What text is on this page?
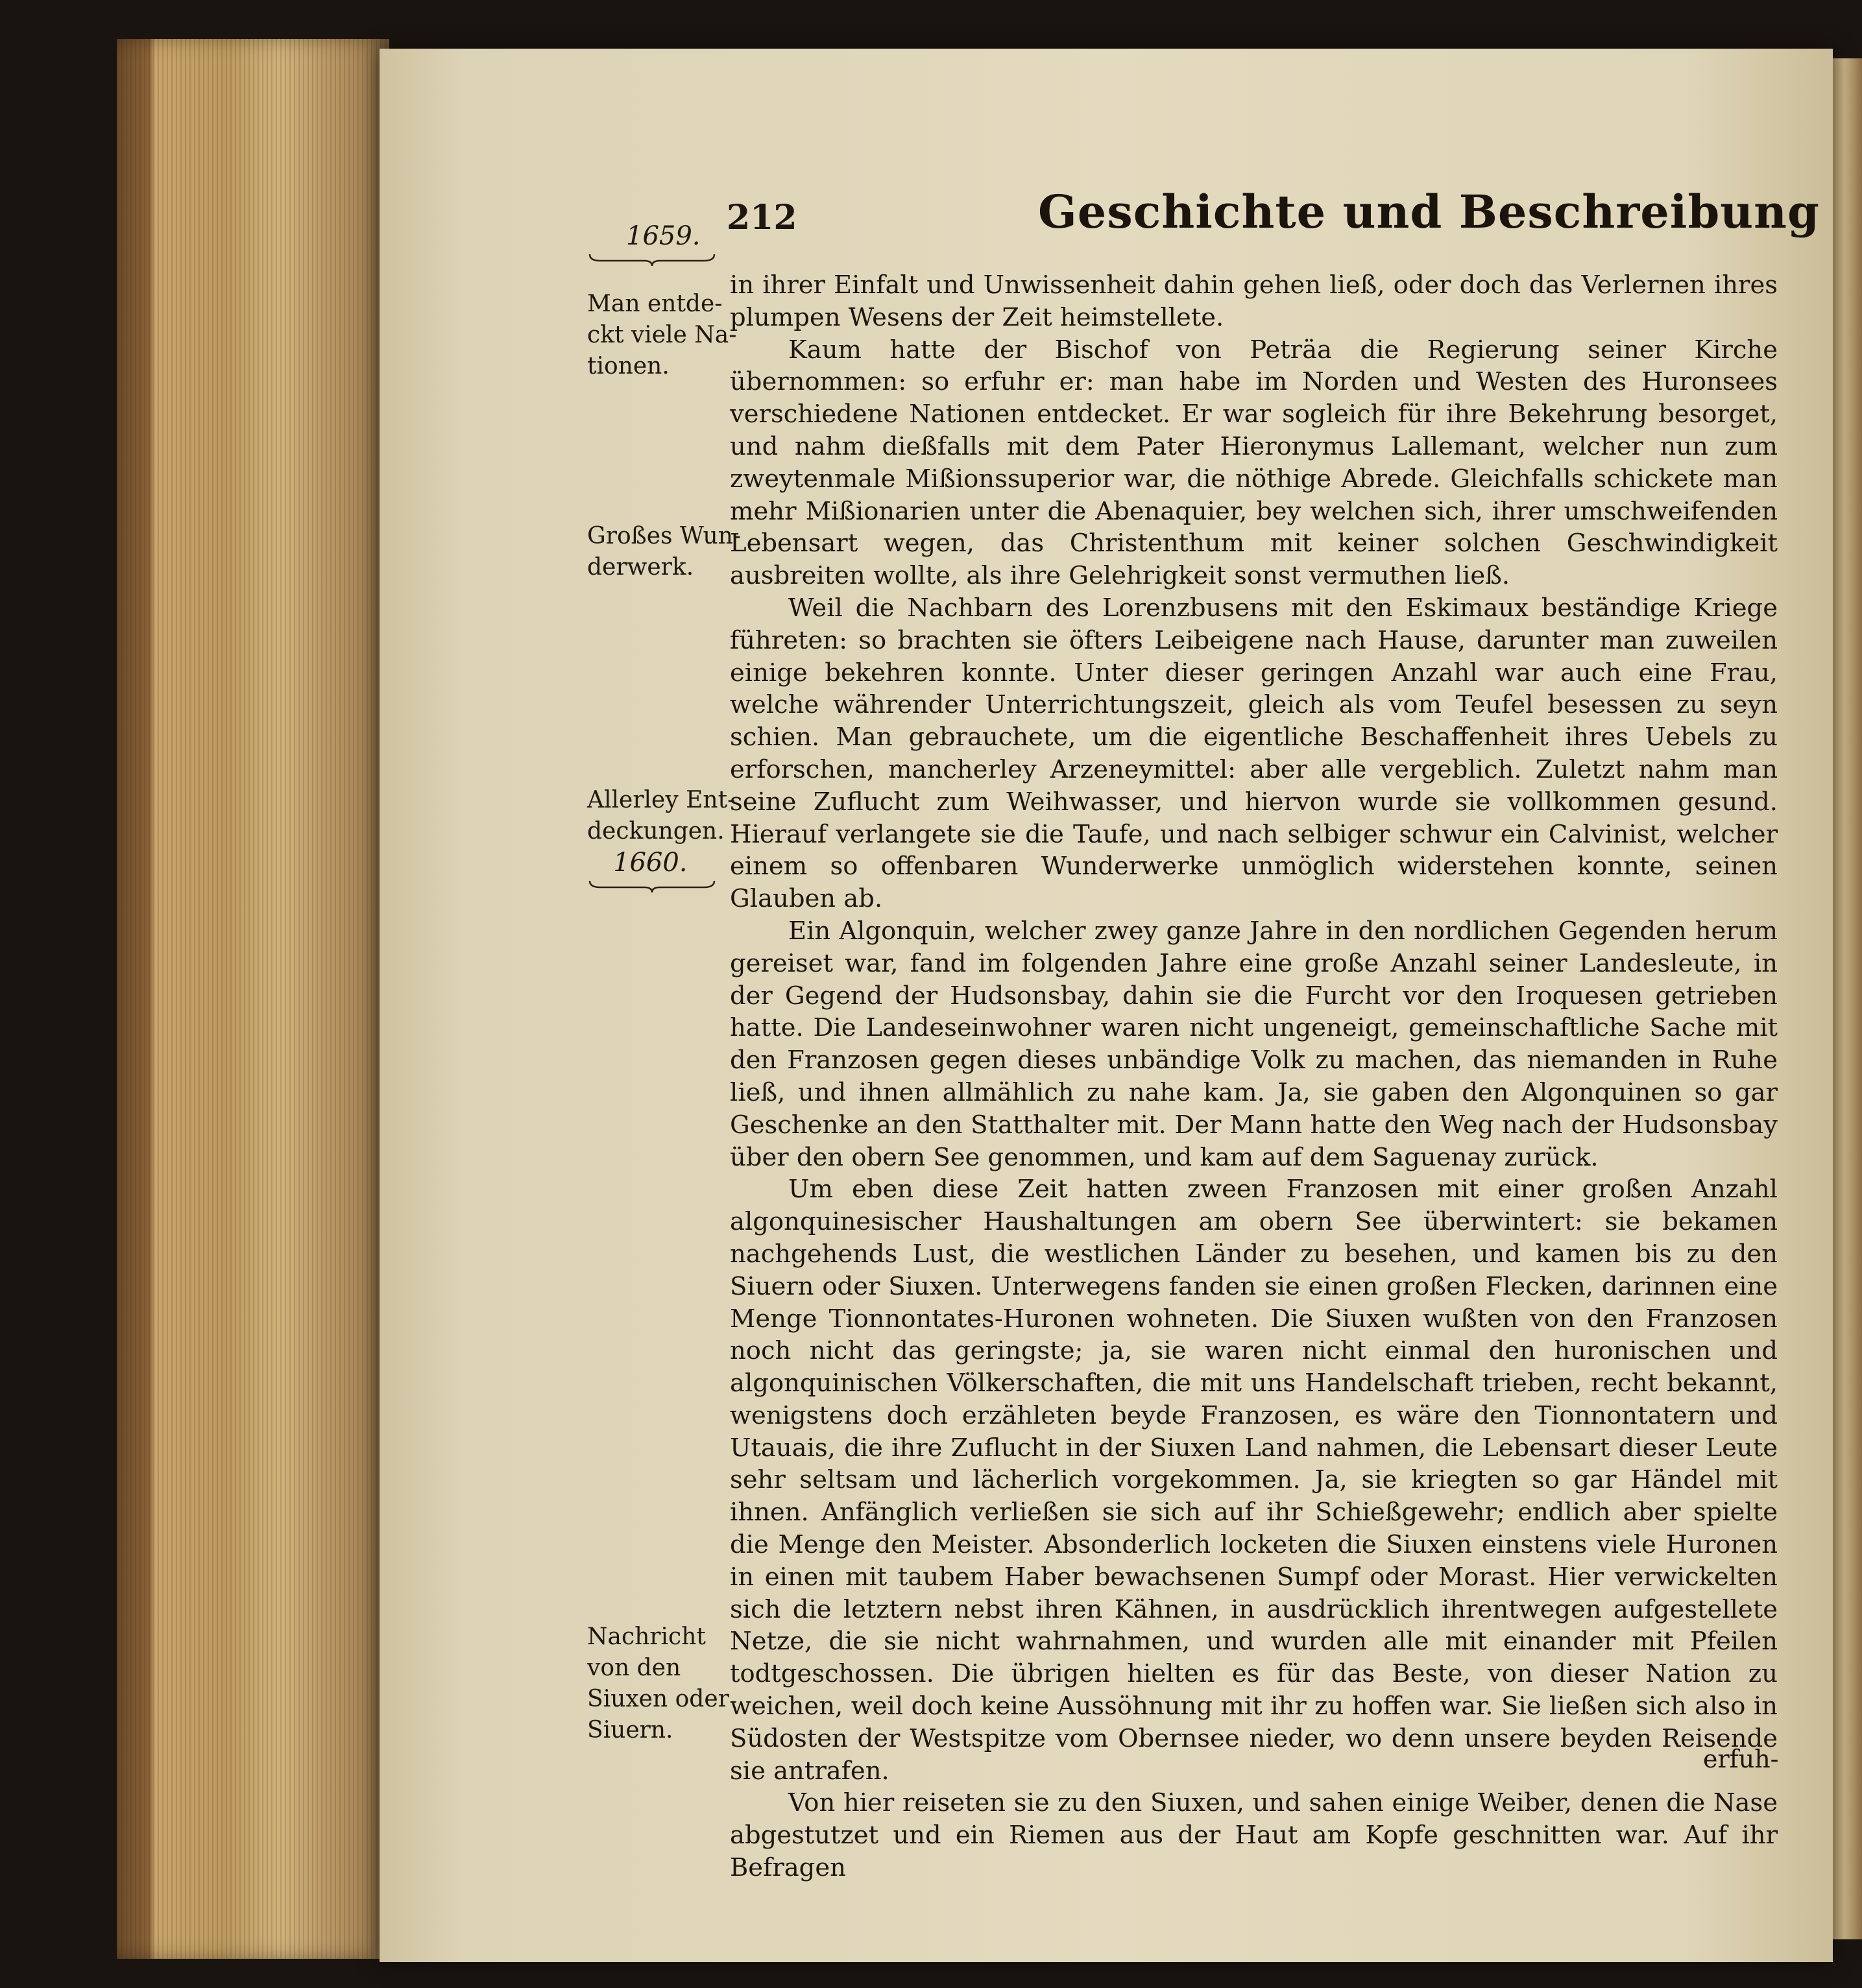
212	Geschichte und Beschreibung
1659.
Man entde-ckt viele Na-tionen.
Großes Wun-derwerk.
Allerley Ent-deckungen.
1660.
Nachricht von den Siuxen oder Siuern.

in ihrer Einfalt und Unwissenheit dahin gehen ließ, oder doch das Verlernen ihres plumpen Wesens der Zeit heimstellete.

Kaum hatte der Bischof von Peträa die Regierung seiner Kirche übernommen: so erfuhr er: man habe im Norden und Westen des Huronsees verschiedene Nationen entdecket. Er war sogleich für ihre Bekehrung besorget, und nahm dießfalls mit dem Pater Hieronymus Lallemant, welcher nun zum zweytenmale Mißionssuperior war, die nöthige Abrede. Gleichfalls schickete man mehr Mißionarien unter die Abenaquier, bey welchen sich, ihrer umschweifenden Lebensart wegen, das Christenthum mit keiner solchen Geschwindigkeit ausbreiten wollte, als ihre Gelehrigkeit sonst vermuthen ließ.

Weil die Nachbarn des Lorenzbusens mit den Eskimaux beständige Kriege führeten: so brachten sie öfters Leibeigene nach Hause, darunter man zuweilen einige bekehren konnte. Unter dieser geringen Anzahl war auch eine Frau, welche währender Unterrichtungszeit, gleich als vom Teufel besessen zu seyn schien. Man gebrauchete, um die eigentliche Beschaffenheit ihres Uebels zu erforschen, mancherley Arzeneymittel: aber alle vergeblich. Zuletzt nahm man seine Zuflucht zum Weihwasser, und hiervon wurde sie vollkommen gesund. Hierauf verlangete sie die Taufe, und nach selbiger schwur ein Calvinist, welcher einem so offenbaren Wunderwerke unmöglich widerstehen konnte, seinen Glauben ab.

Ein Algonquin, welcher zwey ganze Jahre in den nordlichen Gegenden herum gereiset war, fand im folgenden Jahre eine große Anzahl seiner Landesleute, in der Gegend der Hudsonsbay, dahin sie die Furcht vor den Iroquesen getrieben hatte. Die Landeseinwohner waren nicht ungeneigt, gemeinschaftliche Sache mit den Franzosen gegen dieses unbändige Volk zu machen, das niemanden in Ruhe ließ, und ihnen allmählich zu nahe kam. Ja, sie gaben den Algonquinen so gar Geschenke an den Statthalter mit. Der Mann hatte den Weg nach der Hudsonsbay über den obern See genommen, und kam auf dem Saguenay zurück.

Um eben diese Zeit hatten zween Franzosen mit einer großen Anzahl algonquinesischer Haushaltungen am obern See überwintert: sie bekamen nachgehends Lust, die westlichen Länder zu besehen, und kamen bis zu den Siuern oder Siuxen. Unterwegens fanden sie einen großen Flecken, darinnen eine Menge Tionnontates-Huronen wohneten. Die Siuxen wußten von den Franzosen noch nicht das geringste; ja, sie waren nicht einmal den huronischen und algonquinischen Völkerschaften, die mit uns Handelschaft trieben, recht bekannt, wenigstens doch erzähleten beyde Franzosen, es wäre den Tionnontatern und Utauais, die ihre Zuflucht in der Siuxen Land nahmen, die Lebensart dieser Leute sehr seltsam und lächerlich vorgekommen. Ja, sie kriegten so gar Händel mit ihnen. Anfänglich verließen sie sich auf ihr Schießgewehr; endlich aber spielte die Menge den Meister. Absonderlich locketen die Siuxen einstens viele Huronen in einen mit taubem Haber bewachsenen Sumpf oder Morast. Hier verwickelten sich die letztern nebst ihren Kähnen, in ausdrücklich ihrentwegen aufgestellete Netze, die sie nicht wahrnahmen, und wurden alle mit einander mit Pfeilen todtgeschossen. Die übrigen hielten es für das Beste, von dieser Nation zu weichen, weil doch keine Aussöhnung mit ihr zu hoffen war. Sie ließen sich also in Südosten der Westspitze vom Obernsee nieder, wo denn unsere beyden Reisende sie antrafen.

Von hier reiseten sie zu den Siuxen, und sahen einige Weiber, denen die Nase abgestutzet und ein Riemen aus der Haut am Kopfe geschnitten war. Auf ihr Befragen

erfuh-
